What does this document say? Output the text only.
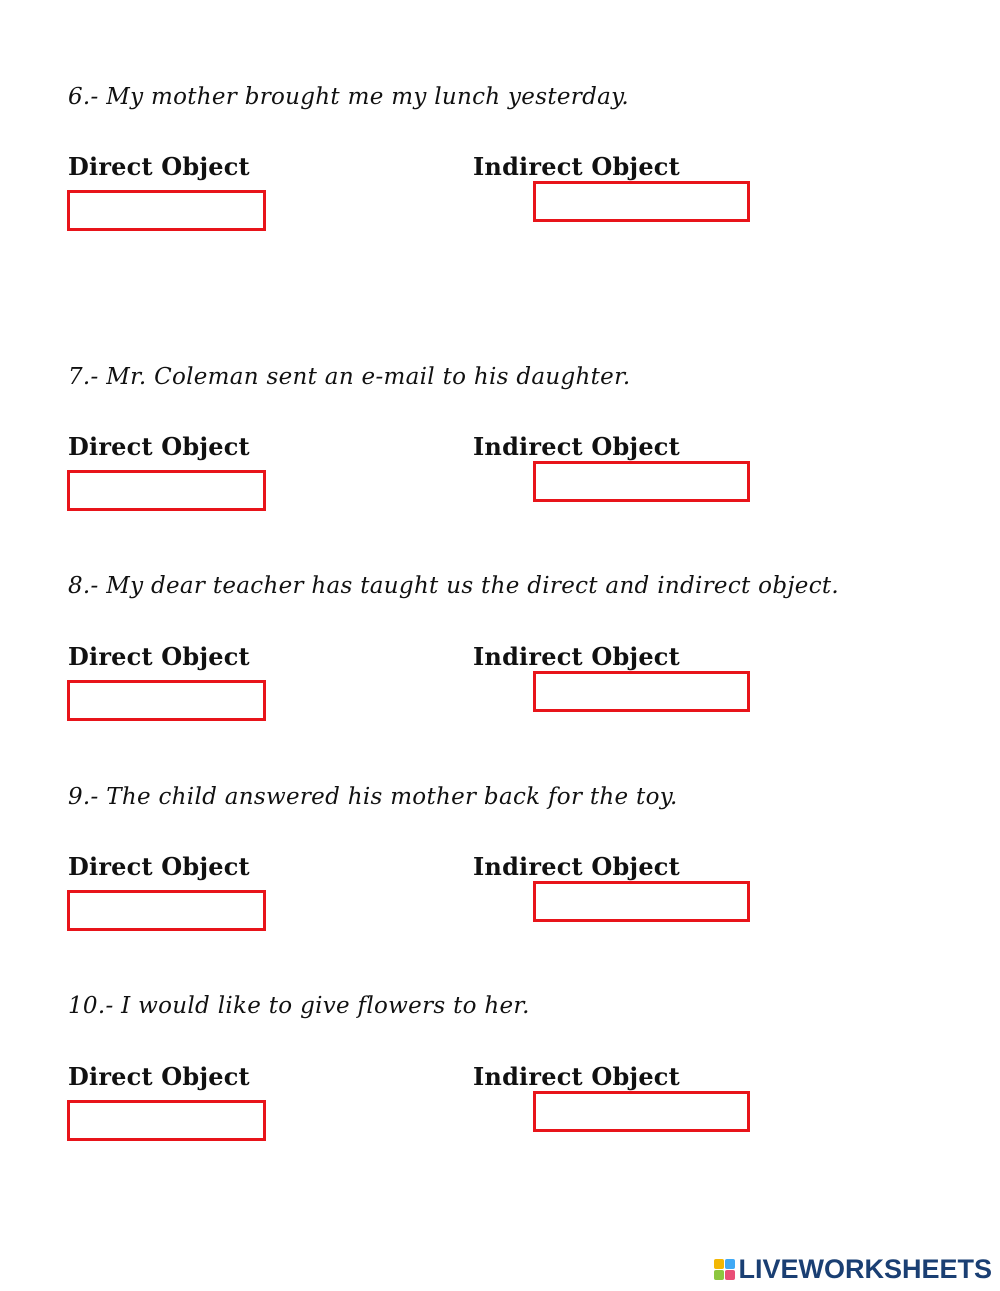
6.- My mother brought me my lunch yesterday.

Direct Object	Indirect Object

7.- Mr. Coleman sent an e-mail to his daughter.

Direct Object	Indirect Object

8.- My dear teacher has taught us the direct and indirect object.

Direct Object	Indirect Object

9.- The child answered his mother back for the toy.

Direct Object	Indirect Object

10.- I would like to give flowers to her.

Direct Object	Indirect Object

LIVEWORKSHEETS
